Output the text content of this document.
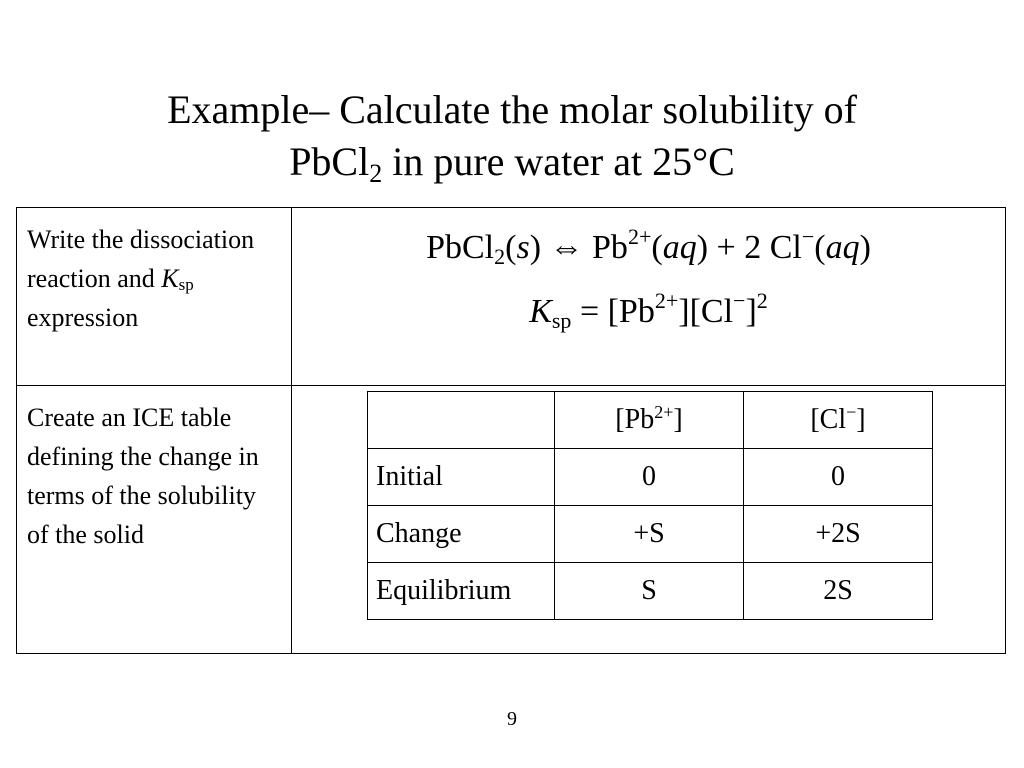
Example– Calculate the molar solubility of
PbCl$_2$ in pure water at 25°C
Write the dissociation reaction and $K_{sp}$ expression

PbCl$_2$(s) ⇔ $Pb^{2+}(aq) + 2$ Cl−(aq)
$K_{sp} = [Pb^{2+}][Cl^-]^2$

Create an ICE table defining the change in terms of the solubility of the solid

	$[Pb^{2+}]$	[Cl−]
Initial	0	0
Change	+S	+2S
Equilibrium	S	2S
9
